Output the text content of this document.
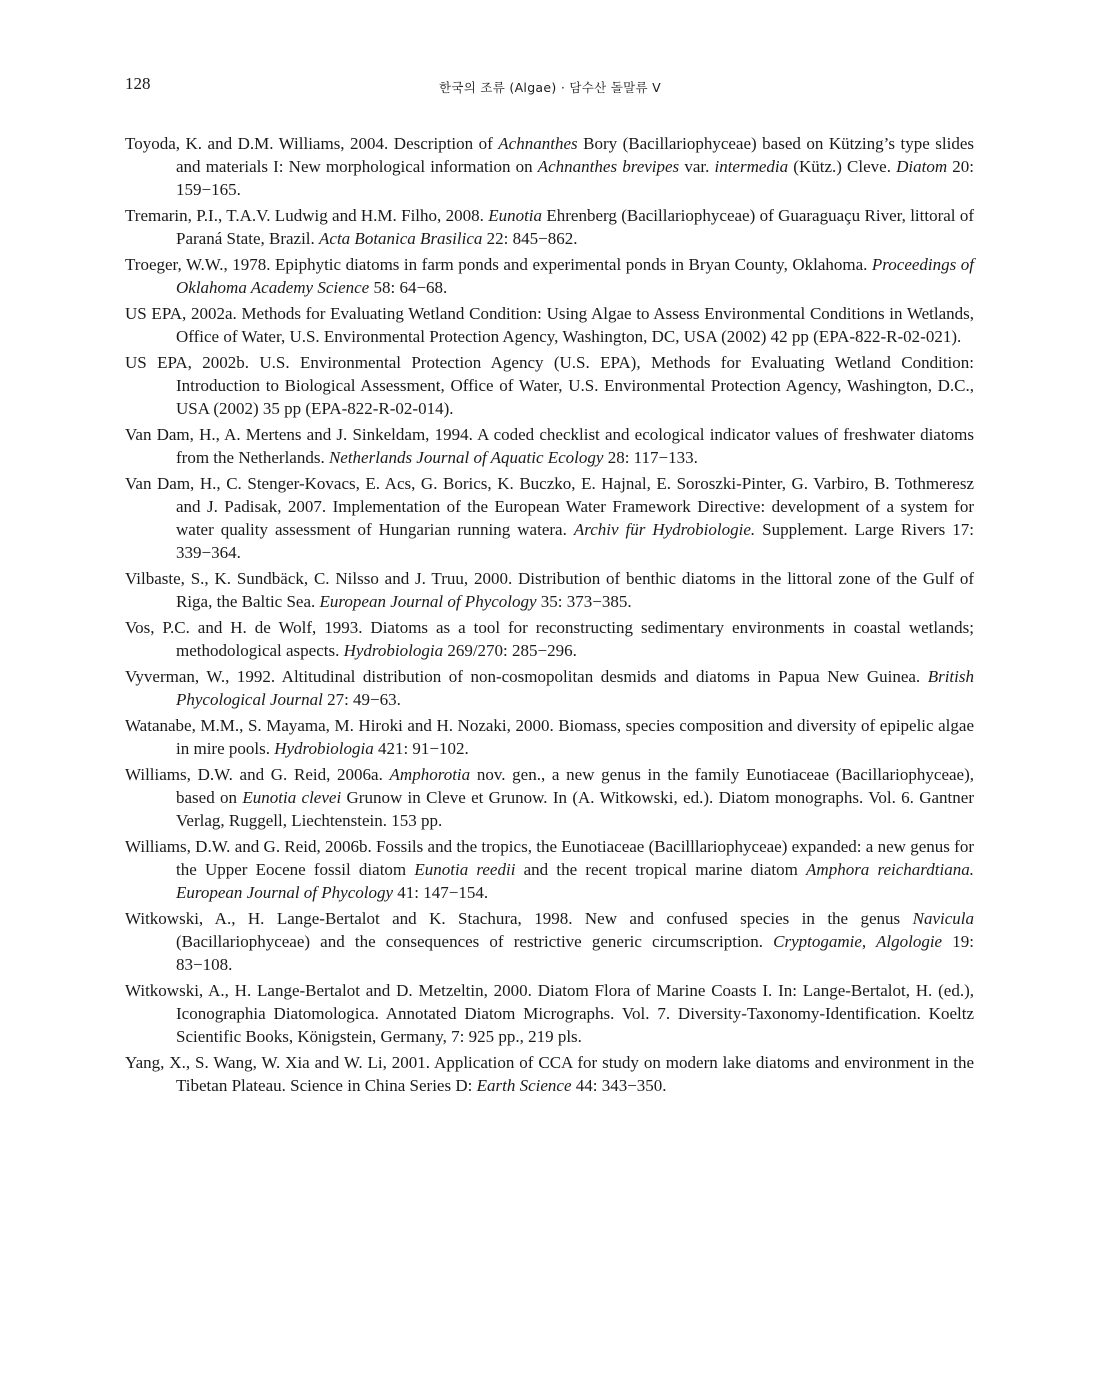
128	한국의 조류 (Algae) · 담수산 돌말류 V

Toyoda, K. and D.M. Williams, 2004. Description of Achnanthes Bory (Bacillariophyceae) based on Kützing’s type slides and materials I: New morphological information on Achnanthes brevipes var. intermedia (Kütz.) Cleve. Diatom 20: 159−165.

Tremarin, P.I., T.A.V. Ludwig and H.M. Filho, 2008. Eunotia Ehrenberg (Bacillariophyceae) of Guaraguaçu River, littoral of Paraná State, Brazil. Acta Botanica Brasilica 22: 845−862.

Troeger, W.W., 1978. Epiphytic diatoms in farm ponds and experimental ponds in Bryan County, Oklahoma. Proceedings of Oklahoma Academy Science 58: 64−68.

US EPA, 2002a. Methods for Evaluating Wetland Condition: Using Algae to Assess Environmental Conditions in Wetlands, Office of Water, U.S. Environmental Protection Agency, Washington, DC, USA (2002) 42 pp (EPA-822-R-02-021).

US EPA, 2002b. U.S. Environmental Protection Agency (U.S. EPA), Methods for Evaluating Wetland Condition: Introduction to Biological Assessment, Office of Water, U.S. Environmental Protection Agency, Washington, D.C., USA (2002) 35 pp (EPA-822-R-02-014).

Van Dam, H., A. Mertens and J. Sinkeldam, 1994. A coded checklist and ecological indicator values of freshwater diatoms from the Netherlands. Netherlands Journal of Aquatic Ecology 28: 117−133.

Van Dam, H., C. Stenger-Kovacs, E. Acs, G. Borics, K. Buczko, E. Hajnal, E. Soroszki-Pinter, G. Varbiro, B. Tothmeresz and J. Padisak, 2007. Implementation of the European Water Framework Directive: development of a system for water quality assessment of Hungarian running watera. Archiv für Hydrobiologie. Supplement. Large Rivers 17: 339−364.

Vilbaste, S., K. Sundbäck, C. Nilsso and J. Truu, 2000. Distribution of benthic diatoms in the littoral zone of the Gulf of Riga, the Baltic Sea. European Journal of Phycology 35: 373−385.

Vos, P.C. and H. de Wolf, 1993. Diatoms as a tool for reconstructing sedimentary environments in coastal wetlands; methodological aspects. Hydrobiologia 269/270: 285−296.

Vyverman, W., 1992. Altitudinal distribution of non-cosmopolitan desmids and diatoms in Papua New Guinea. British Phycological Journal 27: 49−63.

Watanabe, M.M., S. Mayama, M. Hiroki and H. Nozaki, 2000. Biomass, species composition and diversity of epipelic algae in mire pools. Hydrobiologia 421: 91−102.

Williams, D.W. and G. Reid, 2006a. Amphorotia nov. gen., a new genus in the family Eunotiaceae (Bacillariophyceae), based on Eunotia clevei Grunow in Cleve et Grunow. In (A. Witkowski, ed.). Diatom monographs. Vol. 6. Gantner Verlag, Ruggell, Liechtenstein. 153 pp.

Williams, D.W. and G. Reid, 2006b. Fossils and the tropics, the Eunotiaceae (Bacilllariophyceae) expanded: a new genus for the Upper Eocene fossil diatom Eunotia reedii and the recent tropical marine diatom Amphora reichardtiana. European Journal of Phycology 41: 147−154.

Witkowski, A., H. Lange-Bertalot and K. Stachura, 1998. New and confused species in the genus Navicula (Bacillariophyceae) and the consequences of restrictive generic circumscription. Cryptogamie, Algologie 19: 83−108.

Witkowski, A., H. Lange-Bertalot and D. Metzeltin, 2000. Diatom Flora of Marine Coasts I. In: Lange-Bertalot, H. (ed.), Iconographia Diatomologica. Annotated Diatom Micrographs. Vol. 7. Diversity-Taxonomy-Identification. Koeltz Scientific Books, Königstein, Germany, 7: 925 pp., 219 pls.

Yang, X., S. Wang, W. Xia and W. Li, 2001. Application of CCA for study on modern lake diatoms and environment in the Tibetan Plateau. Science in China Series D: Earth Science 44: 343−350.
